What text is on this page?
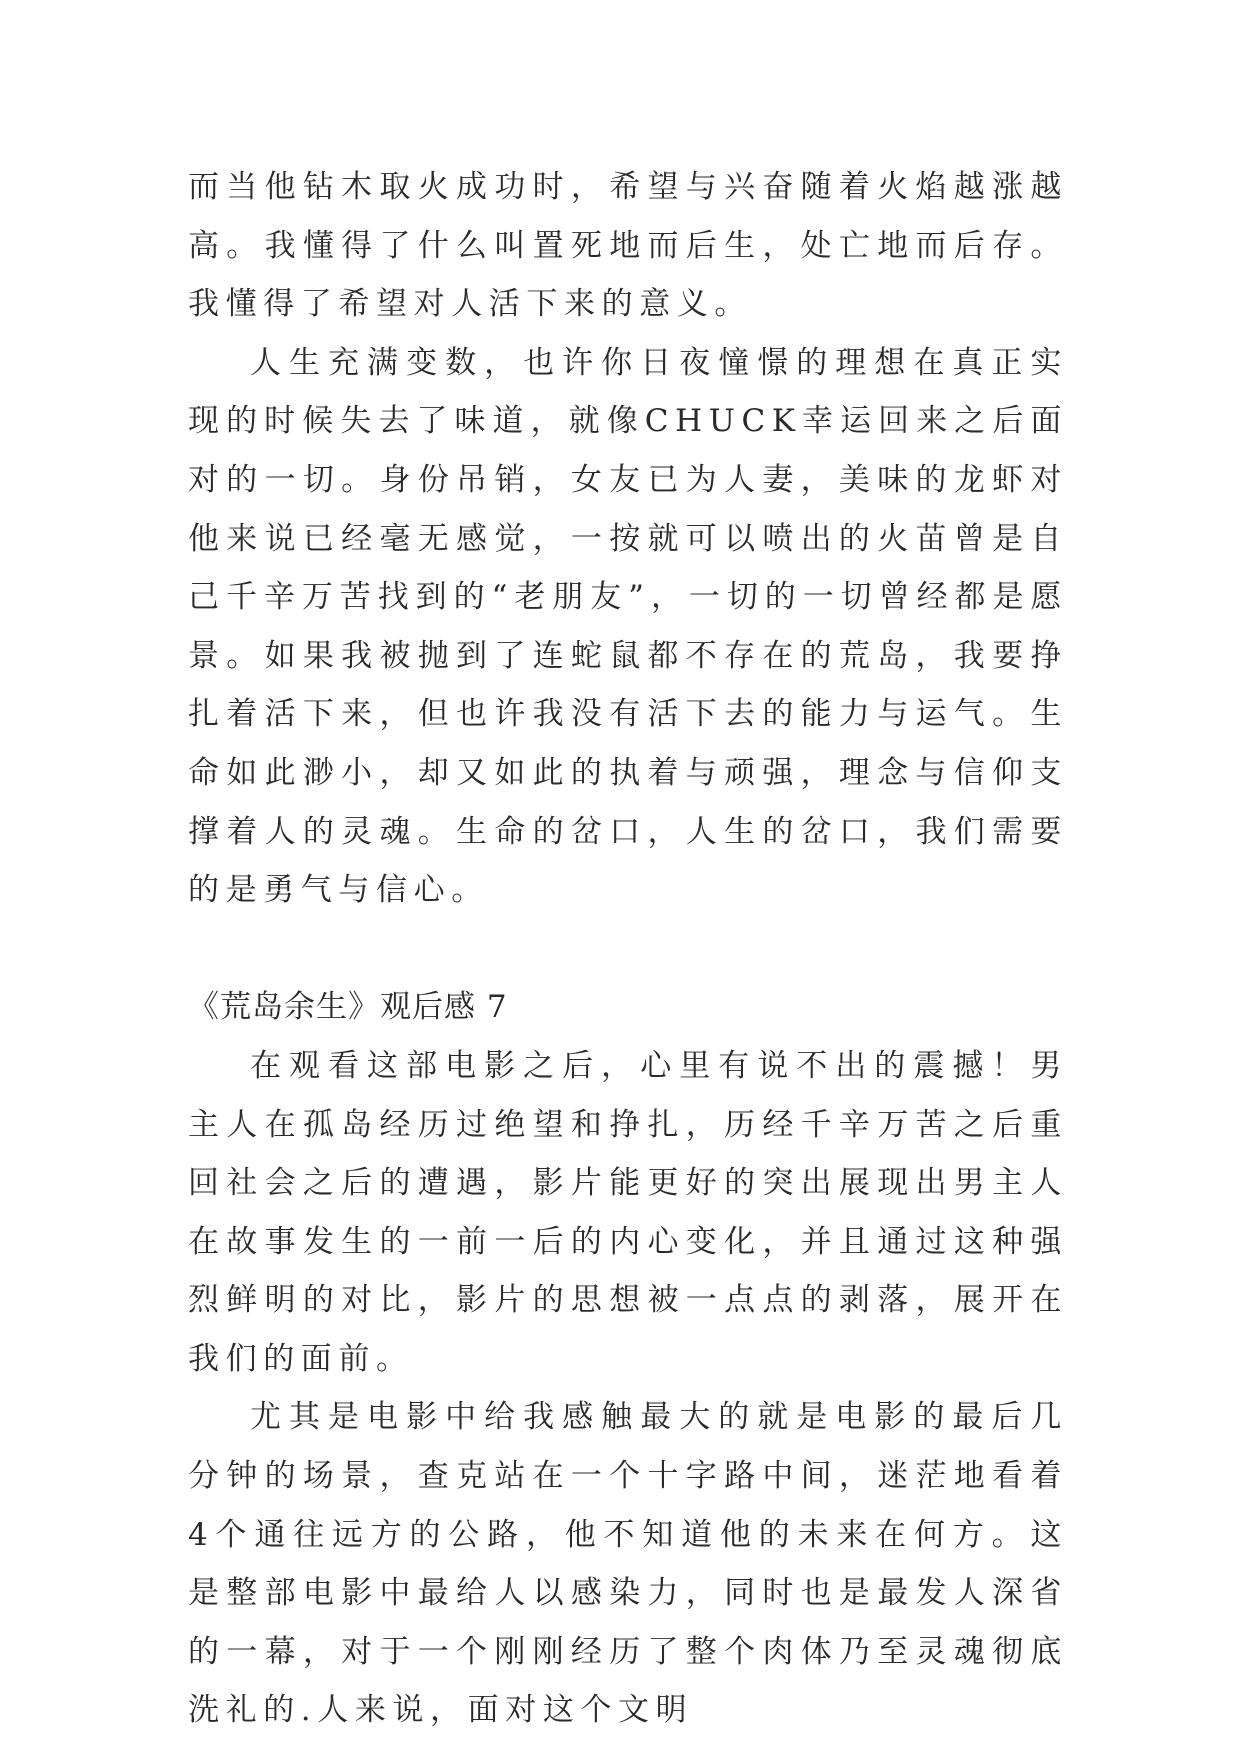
而当他钻木取火成功时，希望与兴奋随着火焰越涨越高。我懂得了什么叫置死地而后生，处亡地而后存。我懂得了希望对人活下来的意义。

人生充满变数，也许你日夜憧憬的理想在真正实现的时候失去了味道，就像CHUCK幸运回来之后面对的一切。身份吊销，女友已为人妻，美味的龙虾对他来说已经毫无感觉，一按就可以喷出的火苗曾是自己千辛万苦找到的“老朋友”，一切的一切曾经都是愿景。如果我被抛到了连蛇鼠都不存在的荒岛，我要挣扎着活下来，但也许我没有活下去的能力与运气。生命如此渺小，却又如此的执着与顽强，理念与信仰支撑着人的灵魂。生命的岔口，人生的岔口，我们需要的是勇气与信心。

《荒岛余生》观后感 7

在观看这部电影之后，心里有说不出的震撼！男主人在孤岛经历过绝望和挣扎，历经千辛万苦之后重回社会之后的遭遇，影片能更好的突出展现出男主人在故事发生的一前一后的内心变化，并且通过这种强烈鲜明的对比，影片的思想被一点点的剥落，展开在我们的面前。

尤其是电影中给我感触最大的就是电影的最后几分钟的场景，查克站在一个十字路中间，迷茫地看着4个通往远方的公路，他不知道他的未来在何方。这是整部电影中最给人以感染力，同时也是最发人深省的一幕，对于一个刚刚经历了整个肉体乃至灵魂彻底洗礼的.人来说，面对这个文明
